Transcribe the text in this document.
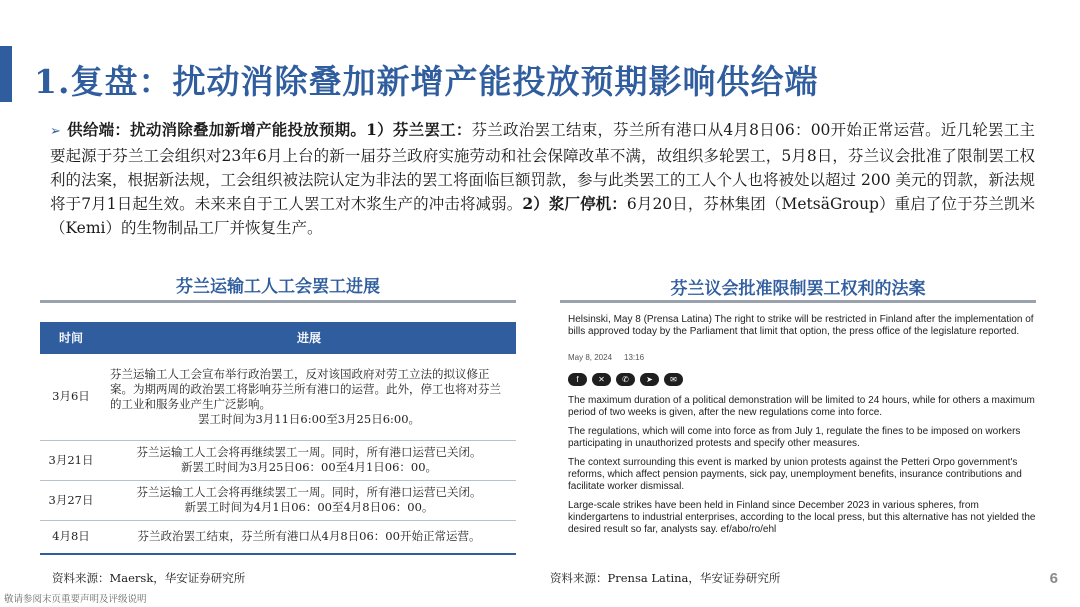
1.复盘：扰动消除叠加新增产能投放预期影响供给端
➢ 供给端：扰动消除叠加新增产能投放预期。1）芬兰罢工：芬兰政治罢工结束，芬兰所有港口从4月8日06：00开始正常运营。近几轮罢工主要起源于芬兰工会组织对23年6月上台的新一届芬兰政府实施劳动和社会保障改革不满，故组织多轮罢工，5月8日，芬兰议会批准了限制罢工权利的法案，根据新法规，工会组织被法院认定为非法的罢工将面临巨额罚款，参与此类罢工的工人个人也将被处以超过 200 美元的罚款，新法规将于7月1日起生效。未来来自于工人罢工对木浆生产的冲击将减弱。2）浆厂停机：6月20日，芬林集团（MetsäGroup）重启了位于芬兰凯米（Kemi）的生物制品工厂并恢复生产。
芬兰运输工人工会罢工进展
时间	进展
3月6日	芬兰运输工人工会宣布举行政治罢工，反对该国政府对劳工立法的拟议修正案。为期两周的政治罢工将影响芬兰所有港口的运营。此外，停工也将对芬兰的工业和服务业产生广泛影响。
罢工时间为3月11日6:00至3月25日6:00。

3月21日	芬兰运输工人工会将再继续罢工一周。同时，所有港口运营已关闭。
新罢工时间为3月25日06：00至4月1日06：00。

3月27日	芬兰运输工人工会将再继续罢工一周。同时，所有港口运营已关闭。
新罢工时间为4月1日06：00至4月8日06：00。

4月8日	芬兰政治罢工结束，芬兰所有港口从4月8日06：00开始正常运营。
芬兰议会批准限制罢工权利的法案
Helsinski, May 8 (Prensa Latina) The right to strike will be restricted in Finland after the implementation of bills approved today by the Parliament that limit that option, the press office of the legislature reported.
May 8, 2024 13:16
f	✕	✆	➤	✉

The maximum duration of a political demonstration will be limited to 24 hours, while for others a maximum period of two weeks is given, after the new regulations come into force.

The regulations, which will come into force as from July 1, regulate the fines to be imposed on workers participating in unauthorized protests and specify other measures.

The context surrounding this event is marked by union protests against the Petteri Orpo government's reforms, which affect pension payments, sick pay, unemployment benefits, insurance contributions and facilitate worker dismissal.

Large-scale strikes have been held in Finland since December 2023 in various spheres, from kindergartens to industrial enterprises, according to the local press, but this alternative has not yielded the desired result so far, analysts say. ef/abo/ro/ehl

资料来源：Maersk，华安证券研究所	资料来源：Prensa Latina，华安证券研究所	6
敬请参阅末页重要声明及评级说明
